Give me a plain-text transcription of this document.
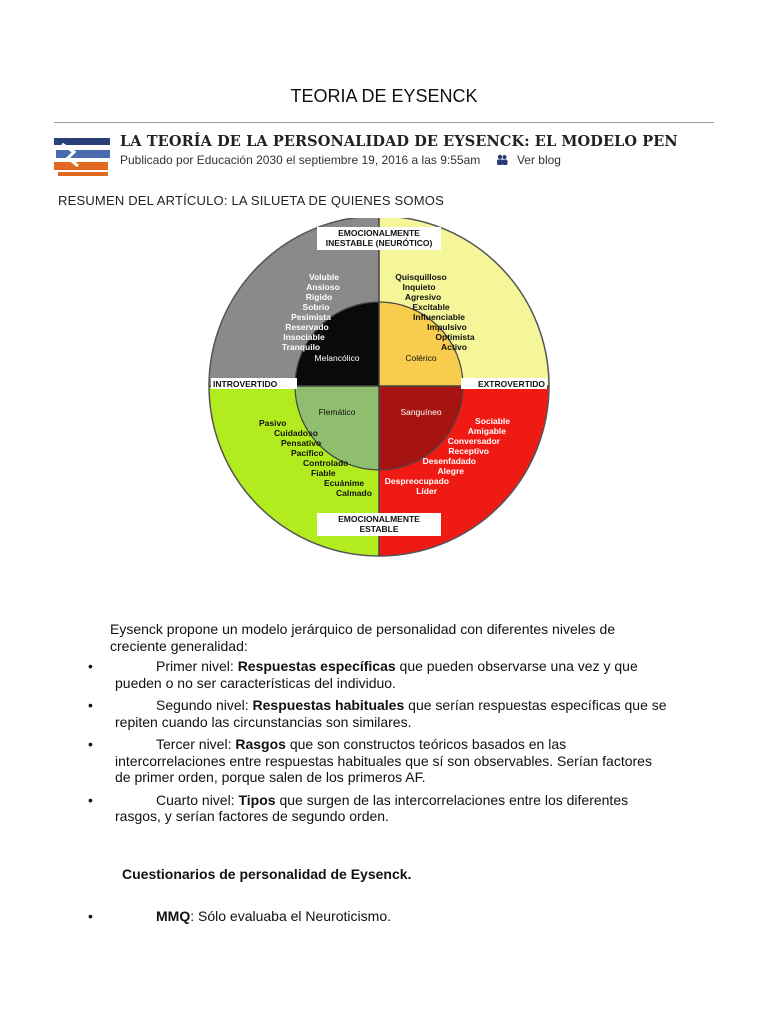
TEORIA DE EYSENCK
LA TEORÍA DE LA PERSONALIDAD DE EYSENCK: EL MODELO PEN
Publicado por Educación 2030 el septiembre 19, 2016 a las 9:55am	Ver blog
RESUMEN DEL ARTÍCULO: LA SILUETA DE QUIENES SOMOS
Melancólico	Colérico
Flemático	Sanguíneo
EMOCIONALMENTE
INESTABLE (NEURÓTICO)
EMOCIONALMENTE
ESTABLE
INTROVERTIDO	EXTROVERTIDO
Voluble
Ansioso
Rígido
Sobrio
Pesimista
Reservado
Insociable
Tranquilo
Quisquilloso
Inquieto
Agresivo
Excitable
Influenciable
Impulsivo
Optimista
Activo
Pasivo
Cuidadoso
Pensativo
Pacífico
Controlado
Fiable
Ecuánime
Calmado
Sociable
Amigable
Conversador
Receptivo
Desenfadado
Alegre
Despreocupado
Líder
Eysenck propone un modelo jerárquico de personalidad con diferentes niveles de creciente generalidad:
•	Primer nivel: Respuestas específicas que pueden observarse una vez y que pueden o no ser características del individuo.
•	Segundo nivel: Respuestas habituales que serían respuestas específicas que se repiten cuando las circunstancias son similares.
•	Tercer nivel: Rasgos que son constructos teóricos basados en las intercorrelaciones entre respuestas habituales que sí son observables. Serían factores de primer orden, porque salen de los primeros AF.
•	Cuarto nivel: Tipos que surgen de las intercorrelaciones entre los diferentes rasgos, y serían factores de segundo orden.
Cuestionarios de personalidad de Eysenck.
•	MMQ: Sólo evaluaba el Neuroticismo.
